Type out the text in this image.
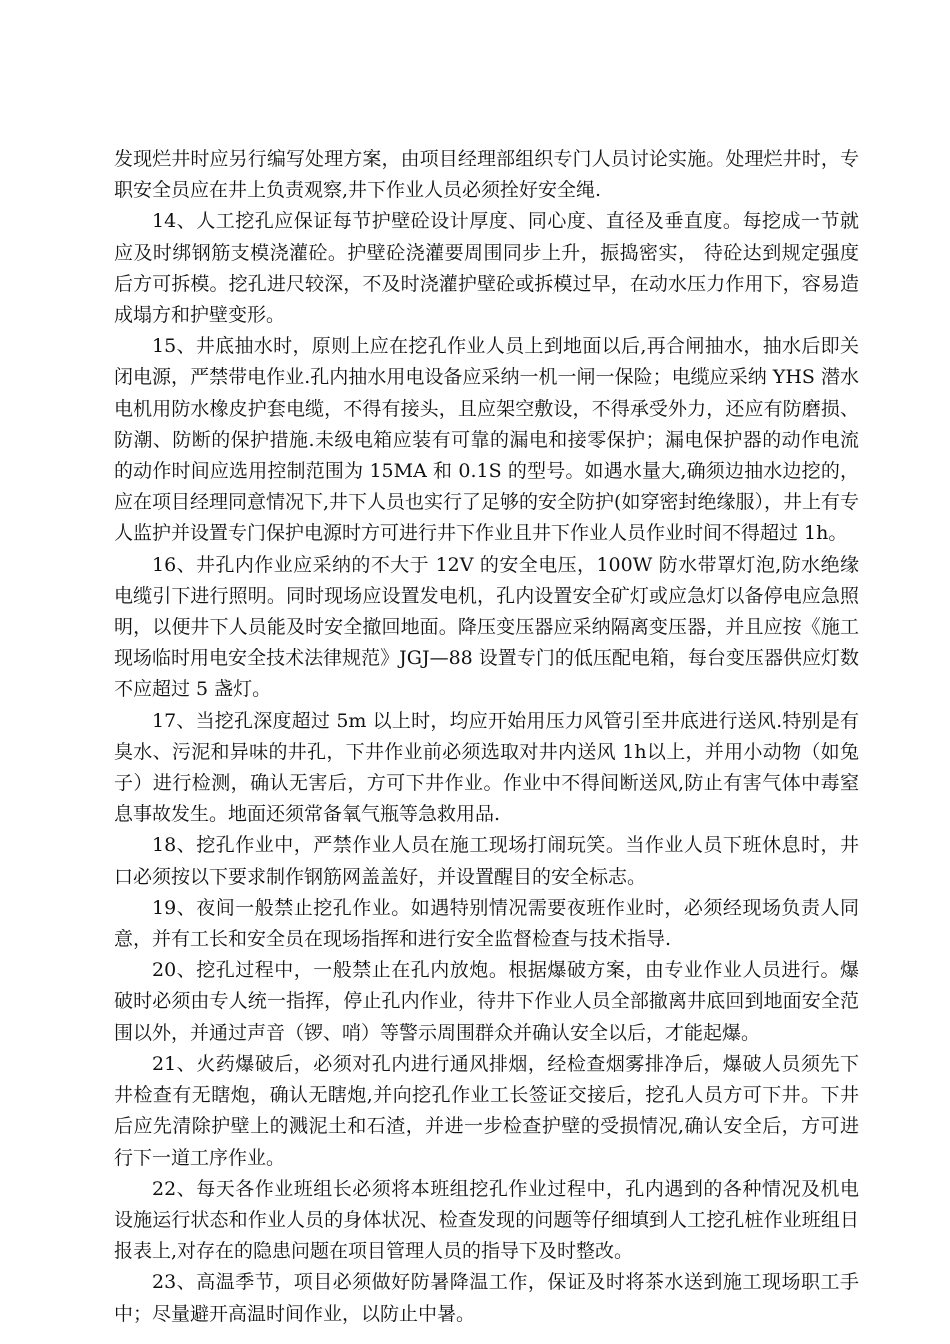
发现烂井时应另行编写处理方案，由项目经理部组织专门人员讨论实施。处理烂井时，专职安全员应在井上负责观察,井下作业人员必须拴好安全绳.

14、人工挖孔应保证每节护壁砼设计厚度、同心度、直径及垂直度。每挖成一节就应及时绑钢筋支模浇灌砼。护壁砼浇灌要周围同步上升，振捣密实， 待砼达到规定强度后方可拆模。挖孔进尺较深，不及时浇灌护壁砼或拆模过早，在动水压力作用下，容易造成塌方和护壁变形。

15、井底抽水时，原则上应在挖孔作业人员上到地面以后,再合闸抽水，抽水后即关闭电源，严禁带电作业.孔内抽水用电设备应采纳一机一闸一保险；电缆应采纳 YHS 潜水电机用防水橡皮护套电缆，不得有接头，且应架空敷设，不得承受外力，还应有防磨损、防潮、防断的保护措施.未级电箱应装有可靠的漏电和接零保护；漏电保护器的动作电流的动作时间应选用控制范围为 15MA 和 0.1S 的型号。如遇水量大,确须边抽水边挖的，应在项目经理同意情况下,井下人员也实行了足够的安全防护(如穿密封绝缘服），井上有专人监护并设置专门保护电源时方可进行井下作业且井下作业人员作业时间不得超过 1h。

16、井孔内作业应采纳的不大于 12V 的安全电压，100W 防水带罩灯泡,防水绝缘电缆引下进行照明。同时现场应设置发电机，孔内设置安全矿灯或应急灯以备停电应急照明，以便井下人员能及时安全撤回地面。降压变压器应采纳隔离变压器，并且应按《施工现场临时用电安全技术法律规范》JGJ—88 设置专门的低压配电箱，每台变压器供应灯数不应超过 5 盏灯。

17、当挖孔深度超过 5m 以上时，均应开始用压力风管引至井底进行送风.特别是有臭水、污泥和异味的井孔，下井作业前必须选取对井内送风 1h以上，并用小动物（如兔子）进行检测，确认无害后，方可下井作业。作业中不得间断送风,防止有害气体中毒窒息事故发生。地面还须常备氧气瓶等急救用品.

18、挖孔作业中，严禁作业人员在施工现场打闹玩笑。当作业人员下班休息时，井口必须按以下要求制作钢筋网盖盖好，并设置醒目的安全标志。

19、夜间一般禁止挖孔作业。如遇特别情况需要夜班作业时，必须经现场负责人同意，并有工长和安全员在现场指挥和进行安全监督检查与技术指导.

20、挖孔过程中，一般禁止在孔内放炮。根据爆破方案，由专业作业人员进行。爆破时必须由专人统一指挥，停止孔内作业，待井下作业人员全部撤离井底回到地面安全范围以外，并通过声音（锣、哨）等警示周围群众并确认安全以后，才能起爆。

21、火药爆破后，必须对孔内进行通风排烟，经检查烟雾排净后，爆破人员须先下井检查有无瞎炮，确认无瞎炮,并向挖孔作业工长签证交接后，挖孔人员方可下井。下井后应先清除护壁上的溅泥土和石渣，并进一步检查护壁的受损情况,确认安全后，方可进行下一道工序作业。

22、每天各作业班组长必须将本班组挖孔作业过程中，孔内遇到的各种情况及机电设施运行状态和作业人员的身体状况、检查发现的问题等仔细填到人工挖孔桩作业班组日报表上,对存在的隐患问题在项目管理人员的指导下及时整改。

23、高温季节，项目必须做好防暑降温工作，保证及时将茶水送到施工现场职工手中；尽量避开高温时间作业，以防止中暑。
